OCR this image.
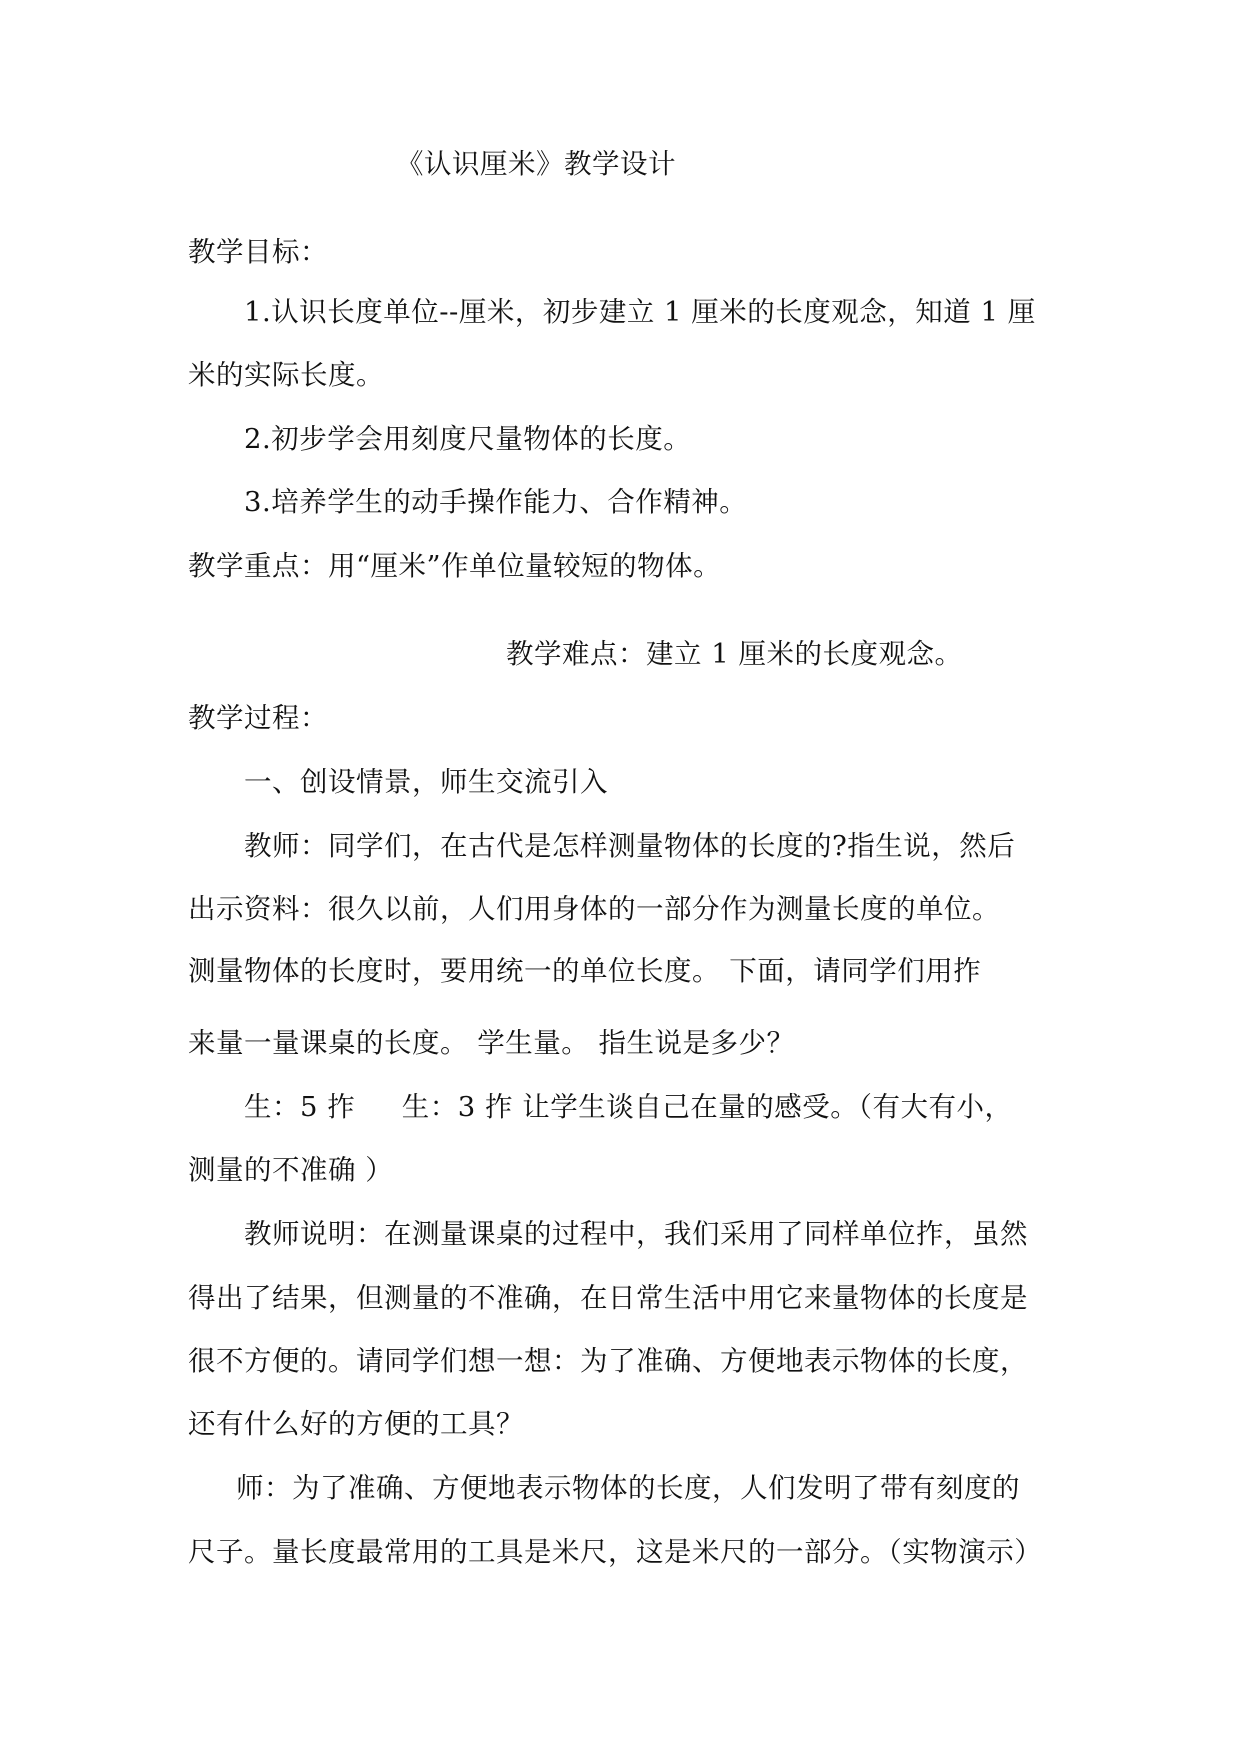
《认识厘米》教学设计
教学目标：
1.认识长度单位--厘米，初步建立 1 厘米的长度观念，知道 1 厘
米的实际长度。
2.初步学会用刻度尺量物体的长度。
3.培养学生的动手操作能力、合作精神。
教学重点：用“厘米”作单位量较短的物体。
教学难点：建立 1 厘米的长度观念。
教学过程：
一、创设情景，师生交流引入
教师：同学们，在古代是怎样测量物体的长度的?指生说，然后
出示资料：很久以前，人们用身体的一部分作为测量长度的单位。
测量物体的长度时，要用统一的单位长度。 下面，请同学们用拃
来量一量课桌的长度。 学生量。 指生说是多少？
生：5 拃 　 生：3 拃 让学生谈自己在量的感受。（有大有小，
测量的不准确 ）
教师说明：在测量课桌的过程中，我们采用了同样单位拃，虽然
得出了结果，但测量的不准确，在日常生活中用它来量物体的长度是
很不方便的。请同学们想一想：为了准确、方便地表示物体的长度，
还有什么好的方便的工具？
师：为了准确、方便地表示物体的长度，人们发明了带有刻度的
尺子。量长度最常用的工具是米尺，这是米尺的一部分。（实物演示）
